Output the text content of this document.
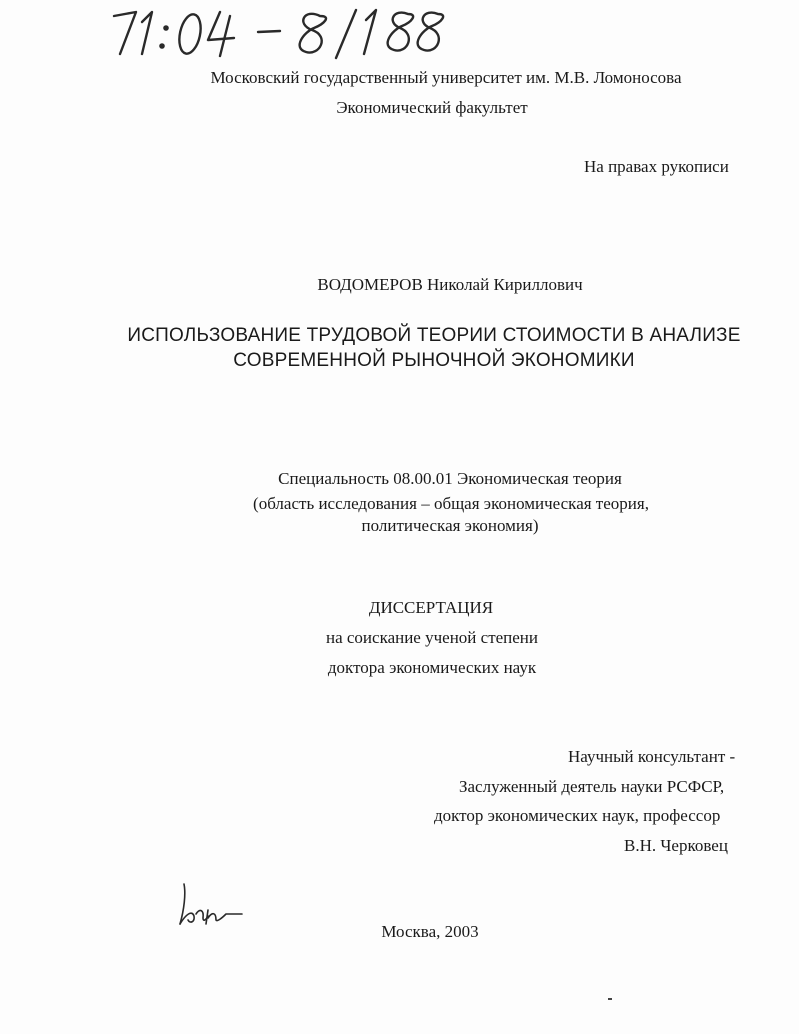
Московский государственный университет им. М.В. Ломоносова
Экономический факультет
На правах рукописи
ВОДОМЕРОВ Николай Кириллович
ИСПОЛЬЗОВАНИЕ ТРУДОВОЙ ТЕОРИИ СТОИМОСТИ В АНАЛИЗЕ
СОВРЕМЕННОЙ РЫНОЧНОЙ ЭКОНОМИКИ
Специальность 08.00.01 Экономическая теория
(область исследования – общая экономическая теория,
политическая экономия)
ДИССЕРТАЦИЯ
на соискание ученой степени
доктора экономических наук
Научный консультант -
Заслуженный деятель науки РСФСР,
доктор экономических наук, профессор
В.Н. Черковец
Москва, 2003
